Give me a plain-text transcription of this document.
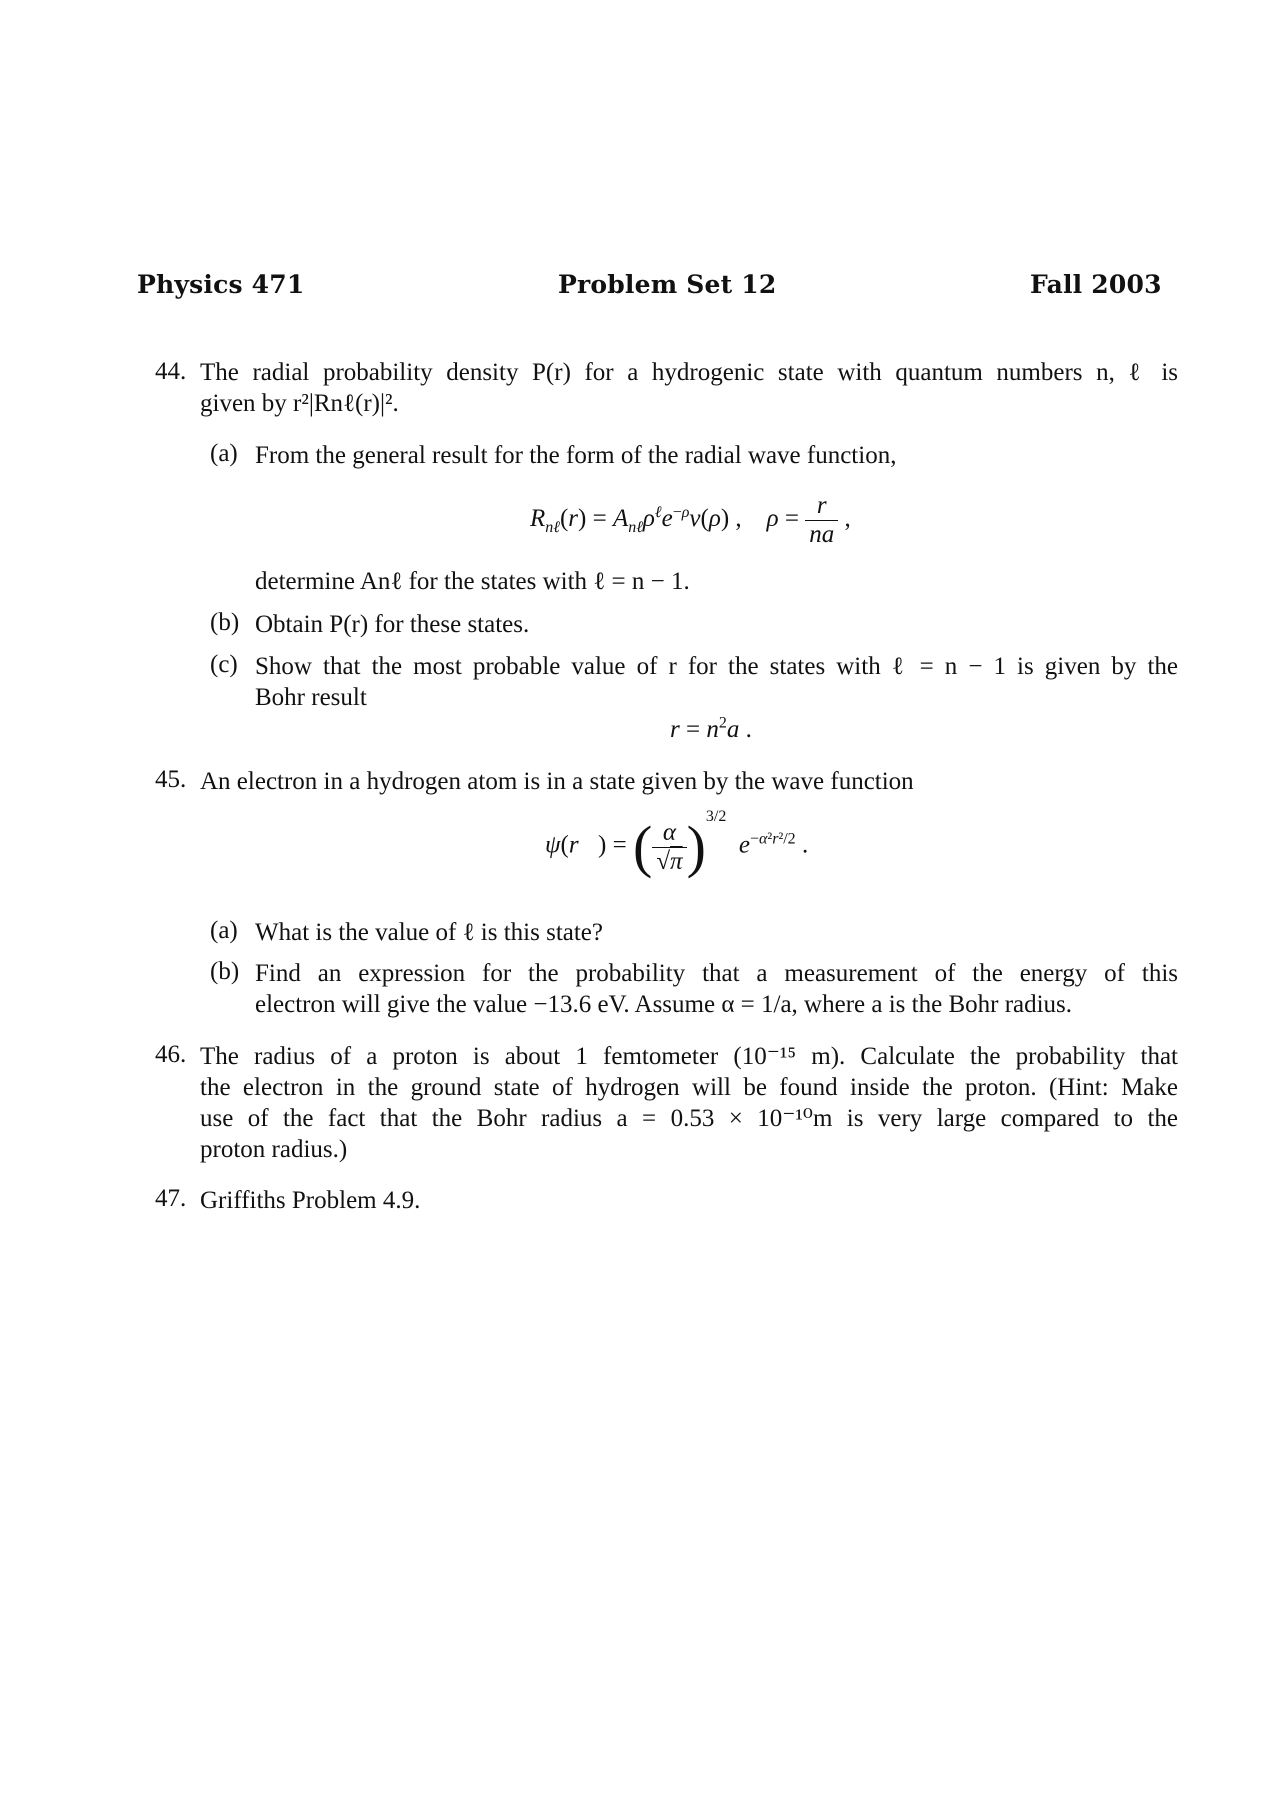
Physics 471	Problem Set 12	Fall 2003
44. The radial probability density P(r) for a hydrogenic state with quantum numbers n, ℓ is
given by r²|Rnℓ(r)|².
(a) From the general result for the form of the radial wave function,
$R_{n\ell}(r) = A_{n\ell}\rho^\ell e^{-\rho}v(\rho)$ ,    $\rho = \frac{r}{na}$ ,
determine Anℓ for the states with ℓ = n − 1.
(b) Obtain P(r) for these states.
(c) Show that the most probable value of r for the states with ℓ = n − 1 is given by the
Bohr result
$r = n^2a$ .
45. An electron in a hydrogen atom is in a state given by the wave function
ψ(r⃗) = ( $\frac{\alpha}{√\pi} )^{3/2}$  $e^{-\alpha^2r^2/2}$ .
(a) What is the value of ℓ is this state?
(b) Find an expression for the probability that a measurement of the energy of this
electron will give the value −13.6 eV. Assume α = 1/a, where a is the Bohr radius.
46. The radius of a proton is about 1 femtometer (10⁻¹⁵ m). Calculate the probability that
the electron in the ground state of hydrogen will be found inside the proton. (Hint: Make
use of the fact that the Bohr radius a = 0.53 × 10⁻¹⁰m is very large compared to the
proton radius.)
47. Griffiths Problem 4.9.
